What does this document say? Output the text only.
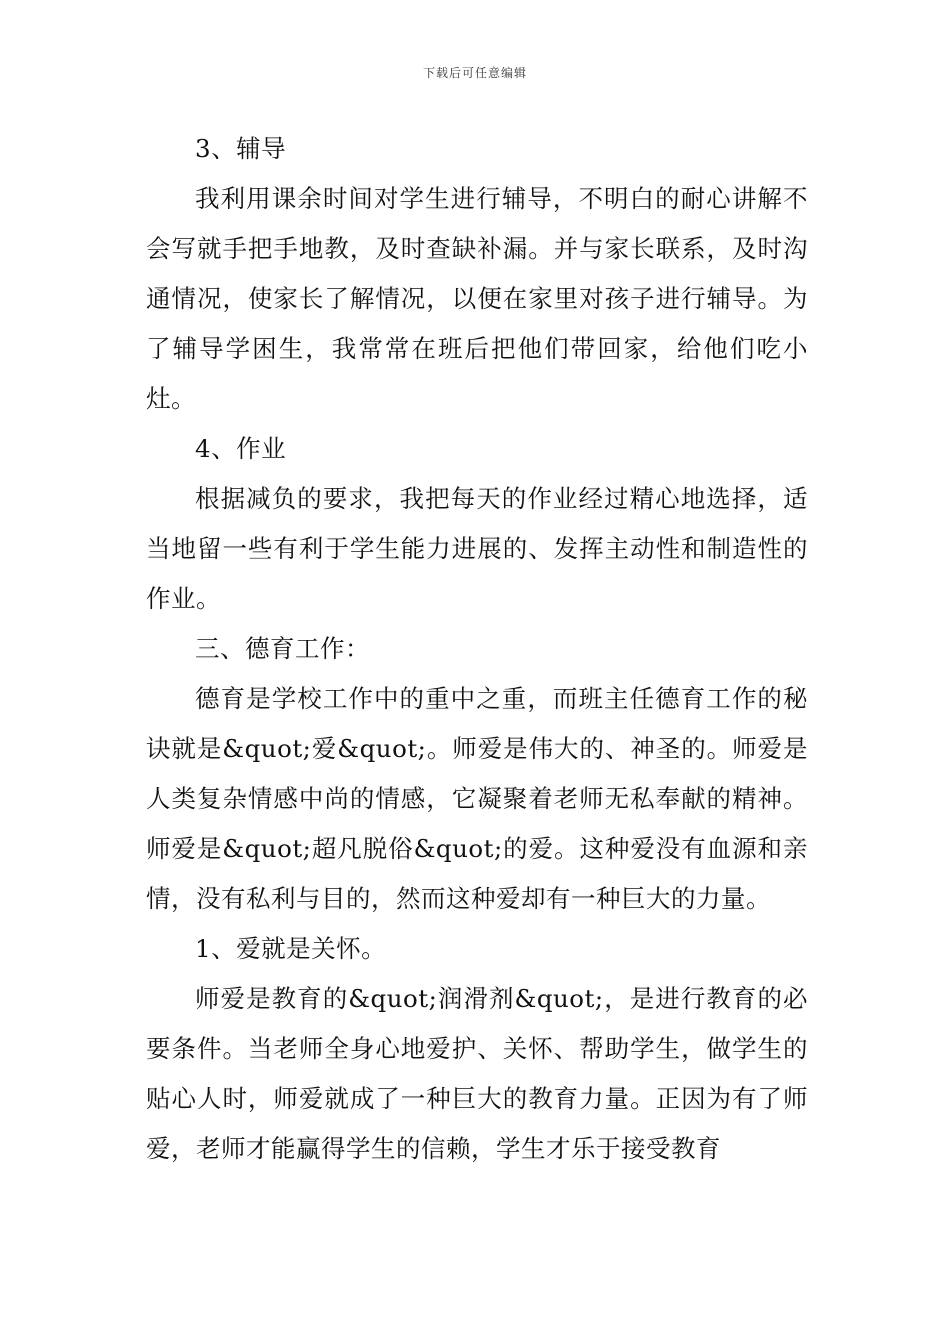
下载后可任意编辑

3、辅导

我利用课余时间对学生进行辅导，不明白的耐心讲解不会写就手把手地教，及时查缺补漏。并与家长联系，及时沟通情况，使家长了解情况，以便在家里对孩子进行辅导。为了辅导学困生，我常常在班后把他们带回家，给他们吃小灶。

4、作业

根据减负的要求，我把每天的作业经过精心地选择，适当地留一些有利于学生能力进展的、发挥主动性和制造性的作业。

三、德育工作：

德育是学校工作中的重中之重，而班主任德育工作的秘诀就是&quot;爱&quot;。师爱是伟大的、神圣的。师爱是人类复杂情感中尚的情感，它凝聚着老师无私奉献的精神。师爱是&quot;超凡脱俗&quot;的爱。这种爱没有血源和亲情，没有私利与目的，然而这种爱却有一种巨大的力量。

1、爱就是关怀。

师爱是教育的&quot;润滑剂&quot;，是进行教育的必要条件。当老师全身心地爱护、关怀、帮助学生，做学生的贴心人时，师爱就成了一种巨大的教育力量。正因为有了师爱，老师才能赢得学生的信赖，学生才乐于接受教育
